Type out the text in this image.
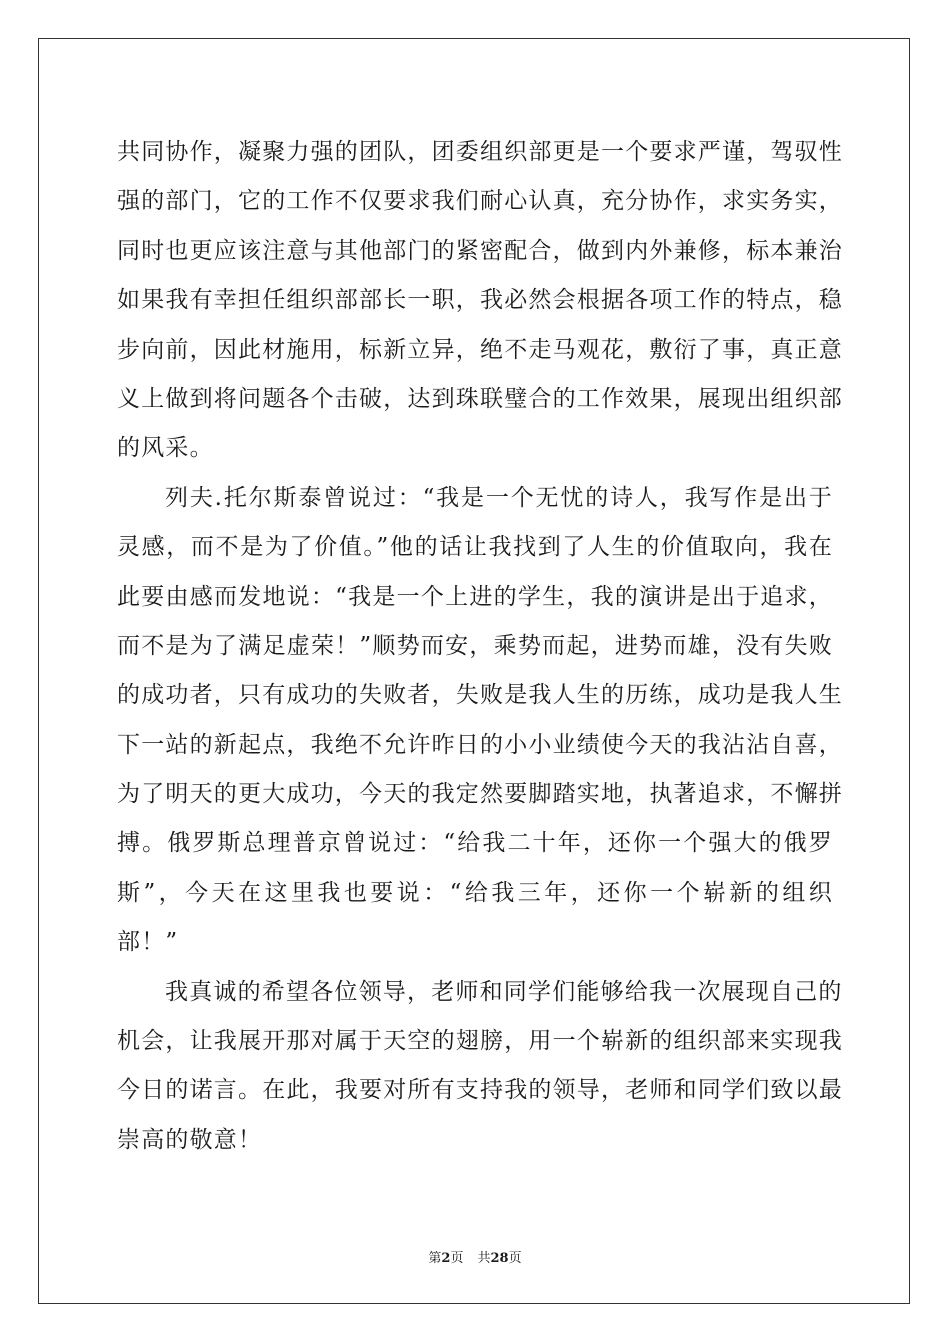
共同协作，凝聚力强的团队，团委组织部更是一个要求严谨，驾驭性
强的部门，它的工作不仅要求我们耐心认真，充分协作，求实务实，
同时也更应该注意与其他部门的紧密配合，做到内外兼修，标本兼治
如果我有幸担任组织部部长一职，我必然会根据各项工作的特点，稳
步向前，因此材施用，标新立异，绝不走马观花，敷衍了事，真正意
义上做到将问题各个击破，达到珠联璧合的工作效果，展现出组织部
的风采。
列夫.托尔斯泰曾说过：“我是一个无忧的诗人，我写作是出于
灵感，而不是为了价值。”他的话让我找到了人生的价值取向，我在
此要由感而发地说：“我是一个上进的学生，我的演讲是出于追求，
而不是为了满足虚荣！”顺势而安，乘势而起，进势而雄，没有失败
的成功者，只有成功的失败者，失败是我人生的历练，成功是我人生
下一站的新起点，我绝不允许昨日的小小业绩使今天的我沾沾自喜，
为了明天的更大成功，今天的我定然要脚踏实地，执著追求，不懈拼
搏。俄罗斯总理普京曾说过：“给我二十年，还你一个强大的俄罗
斯”，今天在这里我也要说：“给我三年，还你一个崭新的组织
部！”
我真诚的希望各位领导，老师和同学们能够给我一次展现自己的
机会，让我展开那对属于天空的翅膀，用一个崭新的组织部来实现我
今日的诺言。在此，我要对所有支持我的领导，老师和同学们致以最
崇高的敬意！
第2页 共28页
